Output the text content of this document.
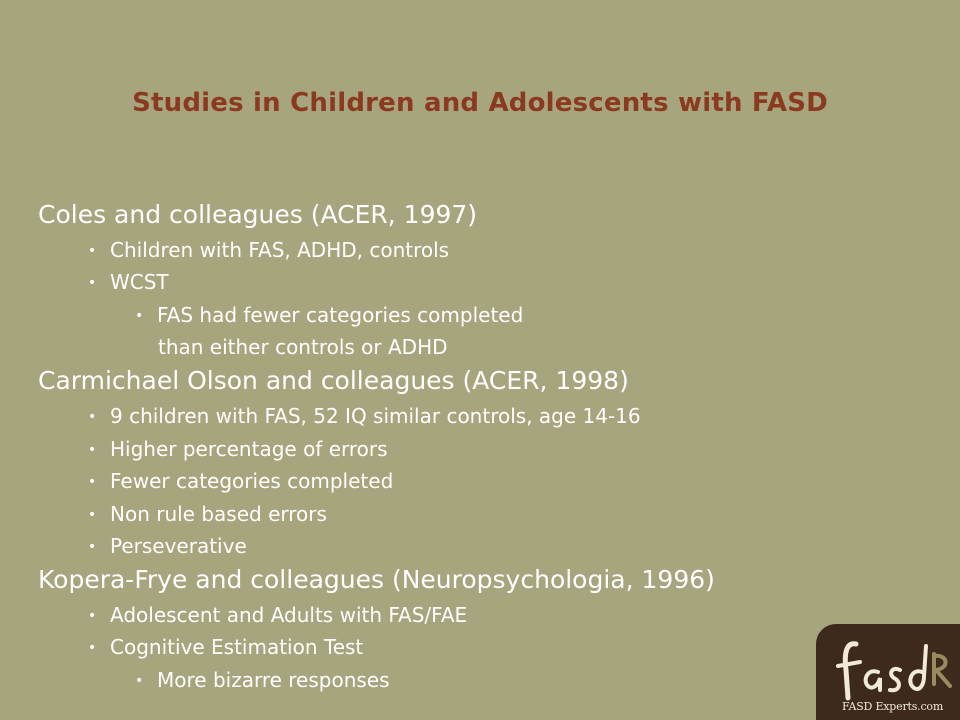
Studies in Children and Adolescents with FASD
Coles and colleagues (ACER, 1997)
• Children with FAS, ADHD, controls
• WCST
• FAS had fewer categories completed
than either controls or ADHD
Carmichael Olson and colleagues (ACER, 1998)
• 9 children with FAS, 52 IQ similar controls, age 14-16
• Higher percentage of errors
• Fewer categories completed
• Non rule based errors
• Perseverative
Kopera-Frye and colleagues (Neuropsychologia, 1996)
• Adolescent and Adults with FAS/FAE
• Cognitive Estimation Test
• More bizarre responses
FASD Experts.com
